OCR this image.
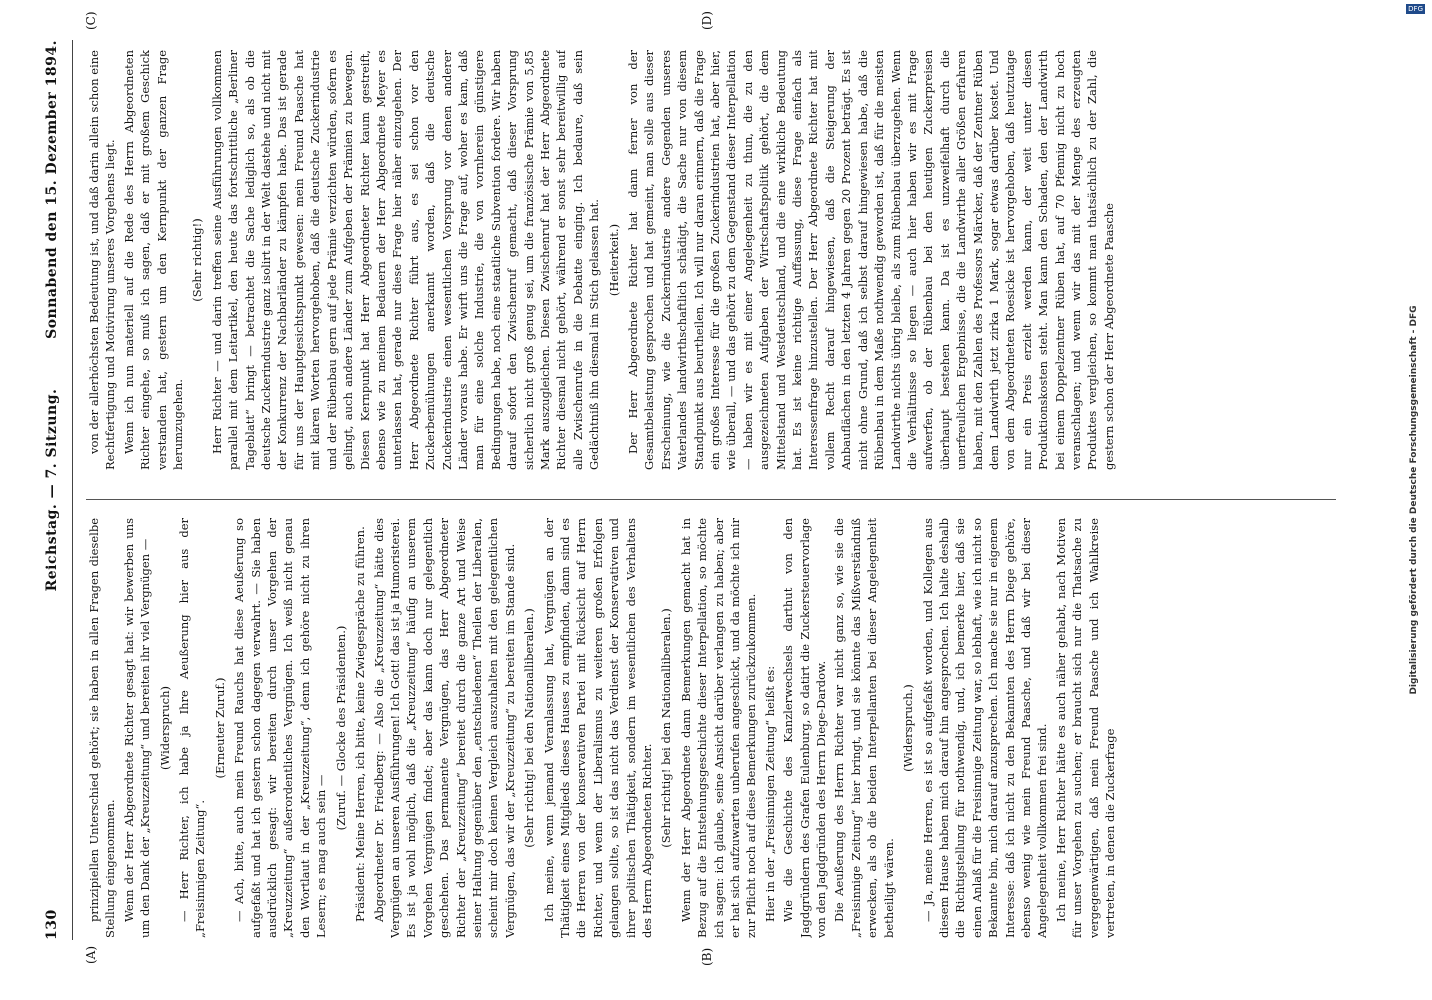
130
Reichstag. — 7. Sitzung.
Sonnabend den 15. Dezember 1894.
(A)	(B)
(C)	(D)

prinzipiellen Unterschied gehört; sie haben in allen Fragen dieselbe Stellung eingenommen. Wenn der Herr Abgeordnete Richter gesagt hat: wir bewerben uns um den Dank der „Kreuzzeitung“ und bereiten ihr viel Vergnügen — (Widerspruch) — Herr Richter, ich habe ja Ihre Aeußerung hier aus der „Freisinnigen Zeitung“.

(Erneuter Zuruf.) — Ach, bitte, auch mein Freund Rauchs hat diese Aeußerung so aufgefaßt und hat ich gestern schon dagegen verwahrt. — Sie haben ausdrücklich gesagt: wir bereiten durch unser Vorgehen der „Kreuzzeitung“ außerordentliches Vergnügen. Ich weiß nicht genau den Wortlaut in der „Kreuzzeitung“, denn ich gehöre nicht zu ihren Lesern; es mag auch sein —

(Zuruf. — Glocke des Präsidenten.) Präsident: Meine Herren, ich bitte, keine Zwiegespräche zu führen. Abgeordneter Dr. Friedberg: — Also die „Kreuzzeitung“ hätte dies Vergnügen an unseren Ausführungen! Ich Gott! das ist ja Humoristerei. Es ist ja wohl möglich, daß die „Kreuzzeitung“ häufig an unserem Vorgehen Vergnügen findet; aber das kann doch nur gelegentlich geschehen. Das permanente Vergnügen, das Herr Abgeordneter Richter der „Kreuzzeitung“ bereitet durch die ganze Art und Weise seiner Haltung gegenüber den „entschiedenen“ Theilen der Liberalen, scheint mir doch keinen Vergleich auszuhalten mit den gelegentlichen Vergnügen, das wir der „Kreuzzeitung“ zu bereiten im Stande sind. (Sehr richtig! bei den Nationalliberalen.) Ich meine, wenn jemand Veranlassung hat, Vergnügen an der Thätigkeit eines Mitglieds dieses Hauses zu empfinden, dann sind es die Herren von der konservativen Partei mit Rücksicht auf Herrn Richter, und wenn der Liberalismus zu weiteren großen Erfolgen gelangen sollte, so ist das nicht das Verdienst der Konservativen und ihrer politischen Thätigkeit, sondern im wesentlichen des Verhaltens des Herrn Abgeordneten Richter. (Sehr richtig! bei den Nationalliberalen.) Wenn der Herr Abgeordnete dann Bemerkungen gemacht hat in Bezug auf die Entstehungsgeschichte dieser Interpellation, so möchte ich sagen: ich glaube, seine Ansicht darüber verlangen zu haben; aber er hat sich aufzuwarten unberufen angeschickt, und da möchte ich mir zur Pflicht noch auf diese Bemerkungen zurückzukommen. Hier in der „Freisinnigen Zeitung“ heißt es: Wie die Geschichte des Kanzlerwechsels darthut von den Jagdgründern des Grafen Eulenburg, so datirt die Zuckersteuervorlage von den Jagdgründen des Herrn Diege-Dardow. Die Aeußerung des Herrn Richter war nicht ganz so, wie sie die „Freisinnige Zeitung“ hier bringt, und sie könnte das Mißverständniß erwecken, als ob die beiden Interpellanten bei dieser Angelegenheit betheiligt wären.

(Widerspruch.) — Ja, meine Herren, es ist so aufgefaßt worden, und Kollegen aus diesem Hause haben mich darauf hin angesprochen. Ich halte deshalb die Richtigstellung für nothwendig, und, ich bemerke hier, daß sie einen Anlaß für die Freisinnige Zeitung war, so lebhaft, wie ich nicht so Bekannte bin, mich darauf anzusprechen. Ich mache sie nur in eigenem Interesse: daß ich nicht zu den Bekannten des Herrn Diege gehöre, ebenso wenig wie mein Freund Paasche, und daß wir bei dieser Angelegenheit vollkommen frei sind. Ich meine, Herr Richter hätte es auch näher gehabt, nach Motiven für unser Vorgehen zu suchen; er braucht sich nur die Thatsache zu vergegenwärtigen, daß mein Freund Paasche und ich Wahlkreise vertreten, in denen die Zuckerfrage

von der allerhöchsten Bedeutung ist, und daß darin allein schon eine Rechtfertigung und Motivirung unseres Vorgehens liegt. Wenn ich nun materiell auf die Rede des Herrn Abgeordneten Richter eingehe, so muß ich sagen, daß er mit großem Geschick verstanden hat, gestern um den Kernpunkt der ganzen Frage herumzugehen.

(Sehr richtig!) Herr Richter — und darin treffen seine Ausführungen vollkommen parallel mit dem Leitartikel, den heute das fortschrittliche „Berliner Tageblatt“ bringt — betrachtet die Sache lediglich so, als ob die deutsche Zuckerindustrie ganz isolirt in der Welt dastehe und nicht mit der Konkurrenz der Nachbarländer zu kämpfen habe. Das ist gerade für uns der Hauptgesichtspunkt gewesen: mein Freund Paasche hat mit klaren Worten hervorgehoben, daß die deutsche Zuckerindustrie und der Rübenbau gern auf jede Prämie verzichten würden, sofern es gelingt, auch andere Länder zum Aufgeben der Prämien zu bewegen. Diesen Kernpunkt hat Herr Abgeordneter Richter kaum gestreift, ebenso wie zu meinem Bedauern der Herr Abgeordnete Meyer es unterlassen hat, gerade nur diese Frage hier näher einzugehen. Der Herr Abgeordnete Richter führt aus, es sei schon vor den Zuckerbemühungen anerkannt worden, daß die deutsche Zuckerindustrie einen wesentlichen Vorsprung vor denen anderer Länder voraus habe. Er wirft uns die Frage auf, woher es kam, daß man für eine solche Industrie, die von vornherein günstigere Bedingungen habe, noch eine staatliche Subvention fordere. Wir haben darauf sofort den Zwischenruf gemacht, daß dieser Vorsprung sicherlich nicht groß genug sei, um die französische Prämie von 5,85 Mark auszugleichen. Diesen Zwischenruf hat der Herr Abgeordnete Richter diesmal nicht gehört, während er sonst sehr bereitwillig auf alle Zwischenrufe in die Debatte einging. Ich bedaure, daß sein Gedächtniß ihn diesmal im Stich gelassen hat. (Heiterkeit.) Der Herr Abgeordnete Richter hat dann ferner von der Gesamtbelastung gesprochen und hat gemeint, man solle aus dieser Erscheinung, wie die Zuckerindustrie andere Gegenden unseres Vaterlandes landwirthschaftlich schädigt, die Sache nur von diesem Standpunkt aus beurtheilen. Ich will nur daran erinnern, daß die Frage ein großes Interesse für die großen Zuckerindustrien hat, aber hier, wie überall, — und das gehört zu dem Gegenstand dieser Interpellation — haben wir es mit einer Angelegenheit zu thun, die zu den ausgezeichneten Aufgaben der Wirtschaftspolitik gehört, die dem Mittelstand und Westdeutschland, und die eine wirkliche Bedeutung hat. Es ist keine richtige Auffassung, diese Frage einfach als Interessenfrage hinzustellen. Der Herr Abgeordnete Richter hat mit vollem Recht darauf hingewiesen, daß die Steigerung der Anbauflächen in den letzten 4 Jahren gegen 20 Prozent beträgt. Es ist nicht ohne Grund, daß ich selbst darauf hingewiesen habe, daß die Rübenbau in dem Maße nothwendig geworden ist, daß für die meisten Landwirthe nichts übrig bleibe, als zum Rübenbau überzugehen. Wenn die Verhältnisse so liegen — auch hier haben wir es mit Frage aufwerfen, ob der Rübenbau bei den heutigen Zuckerpreisen überhaupt bestehen kann. Da ist es unzweifelhaft durch die unerfreulichen Ergebnisse, die die Landwirthe aller Größen erfahren haben, mit den Zahlen des Professors Märcker, daß der Zentner Rüben dem Landwirth jetzt zirka 1 Mark, sogar etwas darüber kostet. Und von dem Abgeordneten Roesicke ist hervorgehoben, daß heutzutage nur ein Preis erzielt werden kann, der weit unter diesen Produktionskosten steht. Man kann den Schaden, den der Landwirth bei einem Doppelzentner Rüben hat, auf 70 Pfennig nicht zu hoch veranschlagen; und wenn wir das mit der Menge des erzeugten Produktes vergleichen, so kommt man thatsächlich zu der Zahl, die gestern schon der Herr Abgeordnete Paasche	Digitalisierung gefördert durch die Deutsche Forschungsgemeinschaft - DFG
DFG
